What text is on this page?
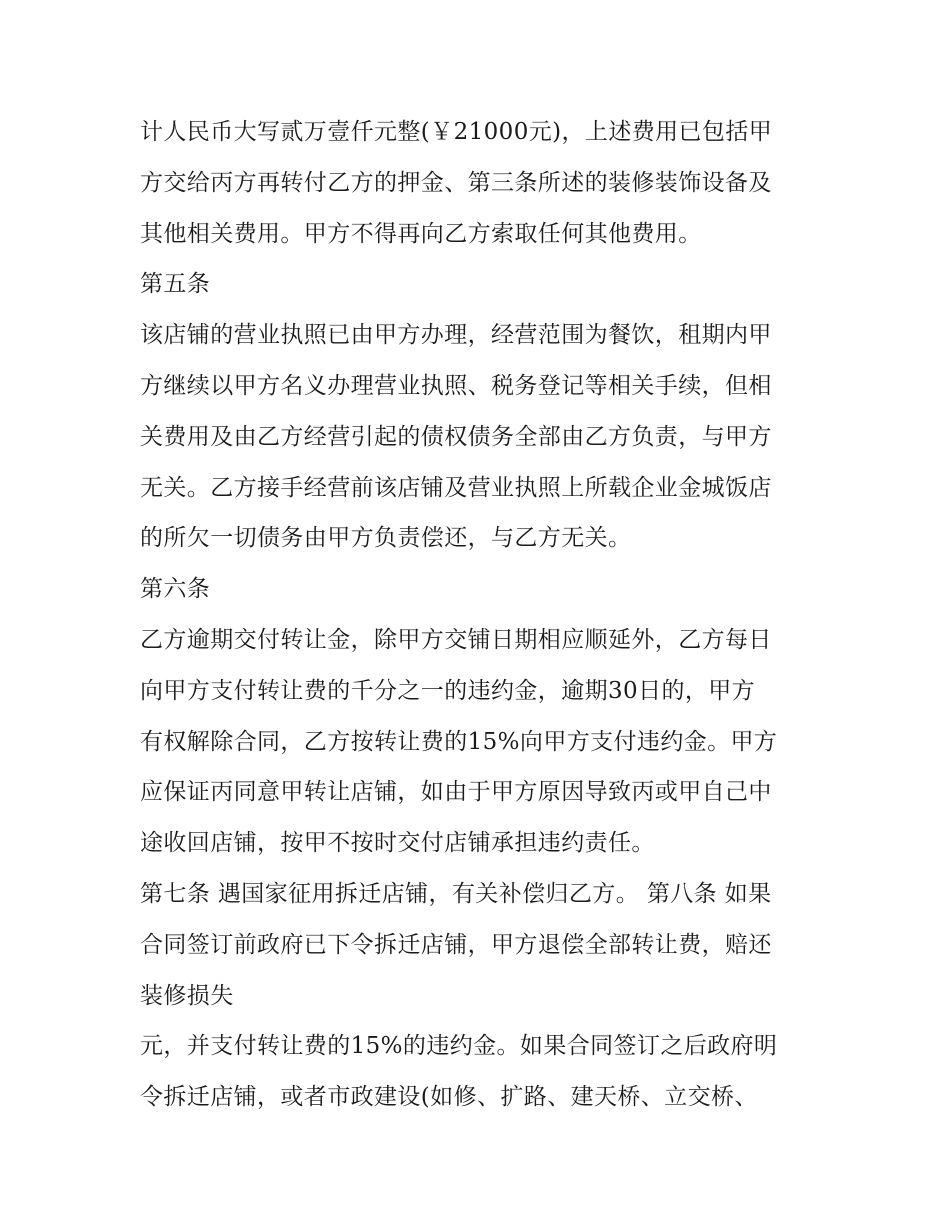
计人民币大写贰万壹仟元整(￥21000元)，上述费用已包括甲
方交给丙方再转付乙方的押金、第三条所述的装修装饰设备及
其他相关费用。甲方不得再向乙方索取任何其他费用。
第五条
该店铺的营业执照已由甲方办理，经营范围为餐饮，租期内甲
方继续以甲方名义办理营业执照、税务登记等相关手续，但相
关费用及由乙方经营引起的债权债务全部由乙方负责，与甲方
无关。乙方接手经营前该店铺及营业执照上所载企业金城饭店
的所欠一切债务由甲方负责偿还，与乙方无关。
第六条
乙方逾期交付转让金，除甲方交铺日期相应顺延外，乙方每日
向甲方支付转让费的千分之一的违约金，逾期30日的，甲方
有权解除合同，乙方按转让费的15%向甲方支付违约金。甲方
应保证丙同意甲转让店铺，如由于甲方原因导致丙或甲自己中
途收回店铺，按甲不按时交付店铺承担违约责任。
第七条 遇国家征用拆迁店铺，有关补偿归乙方。 第八条 如果
合同签订前政府已下令拆迁店铺，甲方退偿全部转让费，赔还
装修损失
元，并支付转让费的15%的违约金。如果合同签订之后政府明
令拆迁店铺，或者市政建设(如修、扩路、建天桥、立交桥、
